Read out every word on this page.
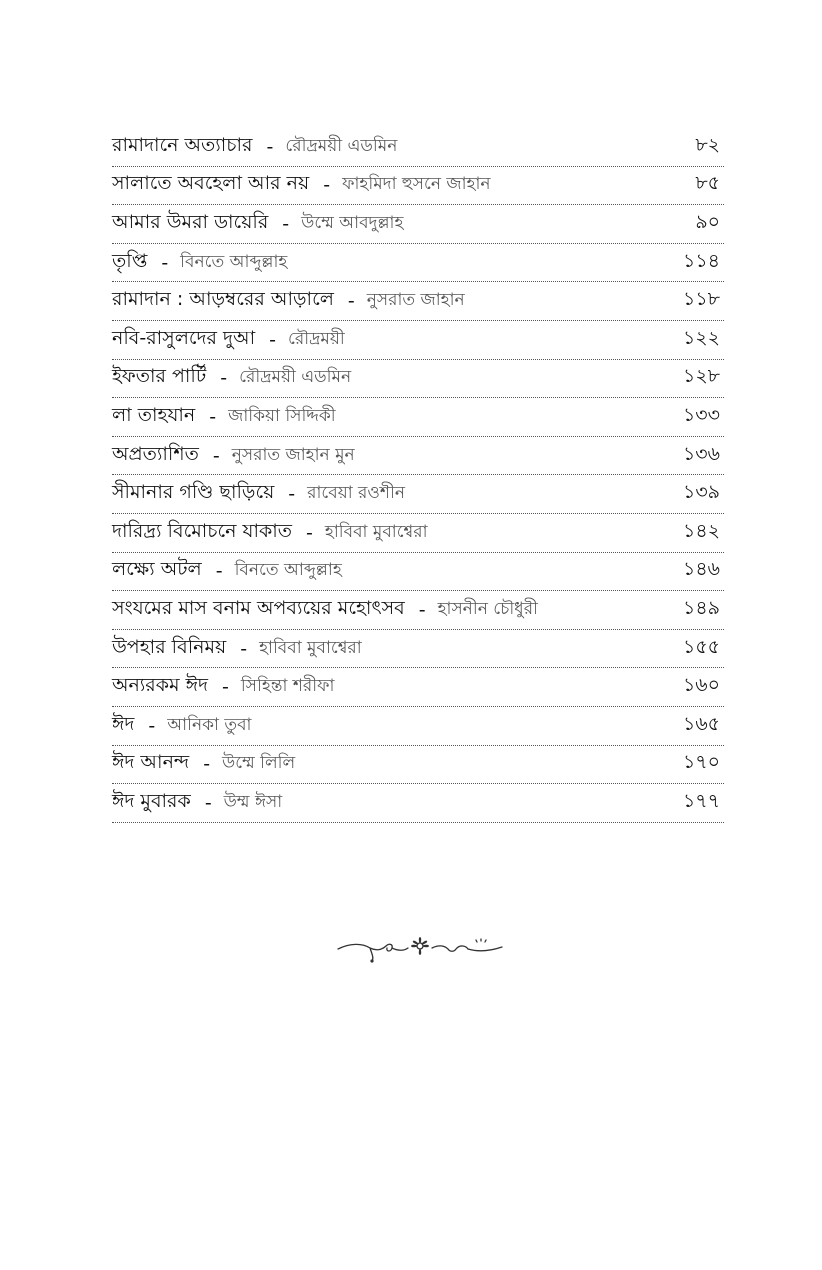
রামাদানে অত্যাচার - রৌদ্রময়ী এডমিন	৮২
সালাতে অবহেলা আর নয় - ফাহমিদা হুসনে জাহান	৮৫
আমার উমরা ডায়েরি - উম্মে আবদুল্লাহ	৯০
তৃপ্তি - বিনতে আব্দুল্লাহ	১১৪
রামাদান : আড়ম্বরের আড়ালে - নুসরাত জাহান	১১৮
নবি-রাসুলদের দুআ - রৌদ্রময়ী	১২২
ইফতার পার্টি - রৌদ্রময়ী এডমিন	১২৮
লা তাহযান - জাকিয়া সিদ্দিকী	১৩৩
অপ্রত্যাশিত - নুসরাত জাহান মুন	১৩৬
সীমানার গণ্ডি ছাড়িয়ে - রাবেয়া রওশীন	১৩৯
দারিদ্র্য বিমোচনে যাকাত - হাবিবা মুবাশ্বেরা	১৪২
লক্ষ্যে অটল - বিনতে আব্দুল্লাহ	১৪৬
সংযমের মাস বনাম অপব্যয়ের মহোৎসব - হাসনীন চৌধুরী	১৪৯
উপহার বিনিময় - হাবিবা মুবাশ্বেরা	১৫৫
অন্যরকম ঈদ - সিহিন্তা শরীফা	১৬০
ঈদ - আনিকা তুবা	১৬৫
ঈদ আনন্দ - উম্মে লিলি	১৭০
ঈদ মুবারক - উম্ম ঈসা	১৭৭
